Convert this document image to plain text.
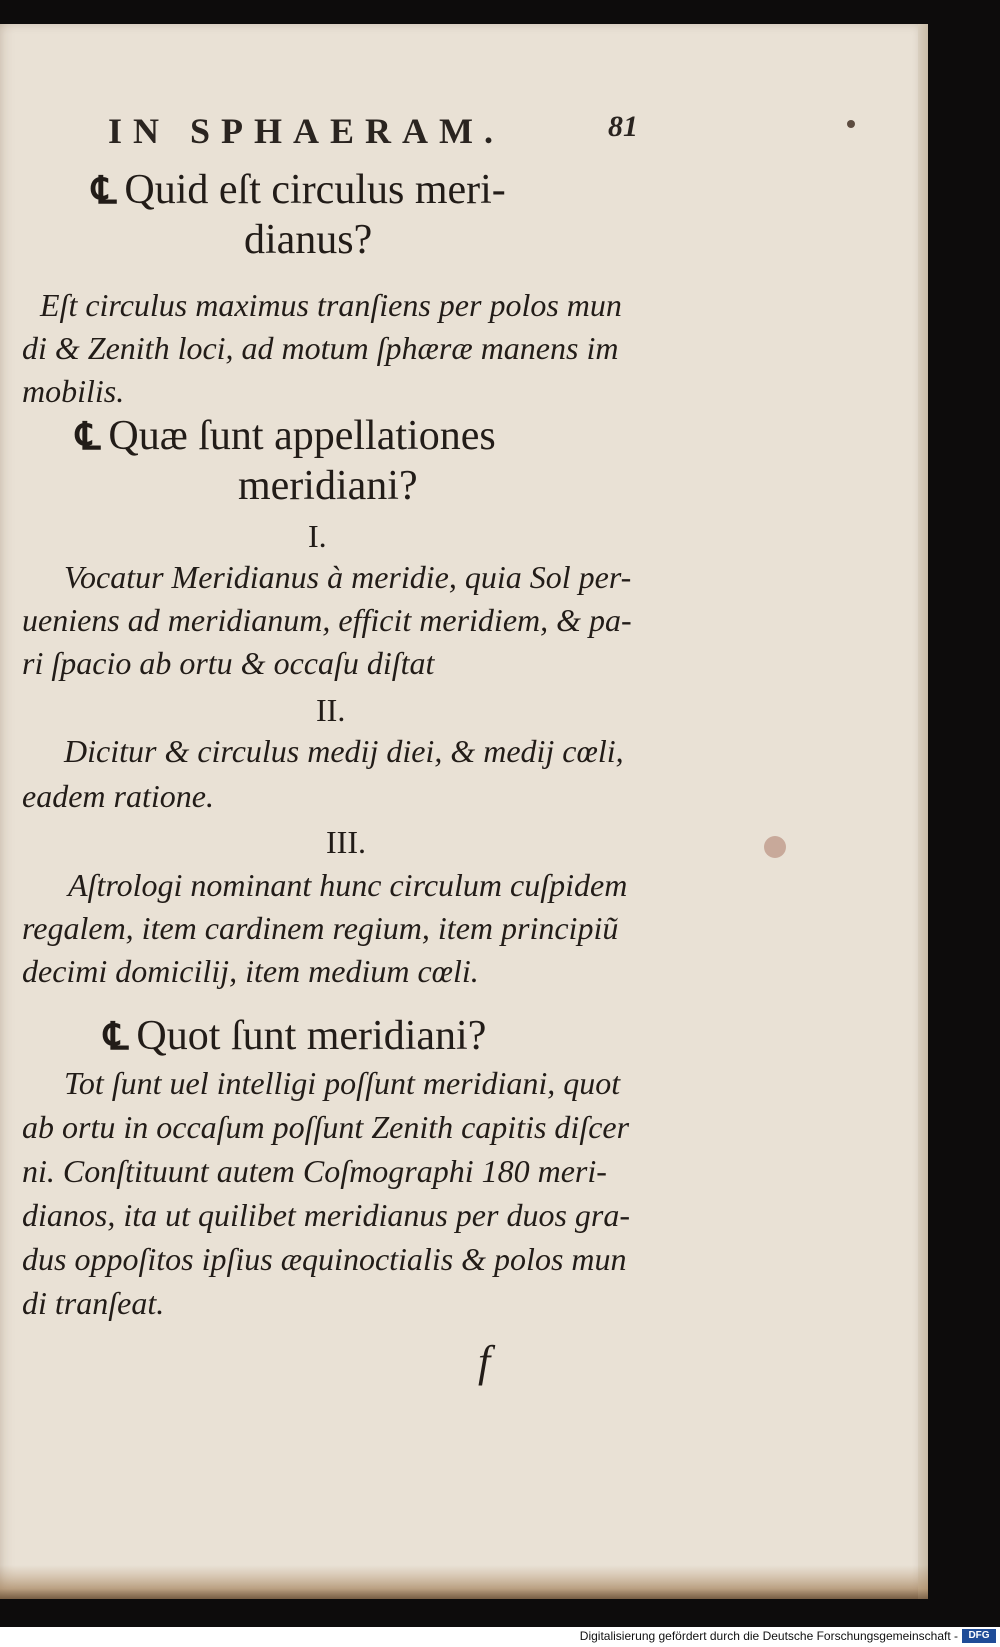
IN SPHAERAM.	81
℄ Quid eſt circulus meri-
dianus?
Eſt circulus maximus tranſiens per polos mun
di & Zenith loci, ad motum ſphæræ manens im
mobilis.
℄ Quæ ſunt appellationes
meridiani?
I.
Vocatur Meridianus à meridie, quia Sol per-
ueniens ad meridianum, efficit meridiem, & pa-
ri ſpacio ab ortu & occaſu diſtat
II.
Dicitur & circulus medij diei, & medij cœli,
eadem ratione.
III.
Aſtrologi nominant hunc circulum cuſpidem
regalem, item cardinem regium, item principiũ
decimi domicilij, item medium cœli.
℄ Quot ſunt meridiani?
Tot ſunt uel intelligi poſſunt meridiani, quot
ab ortu in occaſum poſſunt Zenith capitis diſcer
ni. Conſtituunt autem Coſmographi 180 meri-
dianos, ita ut quilibet meridianus per duos gra-
dus oppoſitos ipſius æquinoctialis & polos mun
di tranſeat.
f
Digitalisierung gefördert durch die Deutsche Forschungsgemeinschaft -	DFG
